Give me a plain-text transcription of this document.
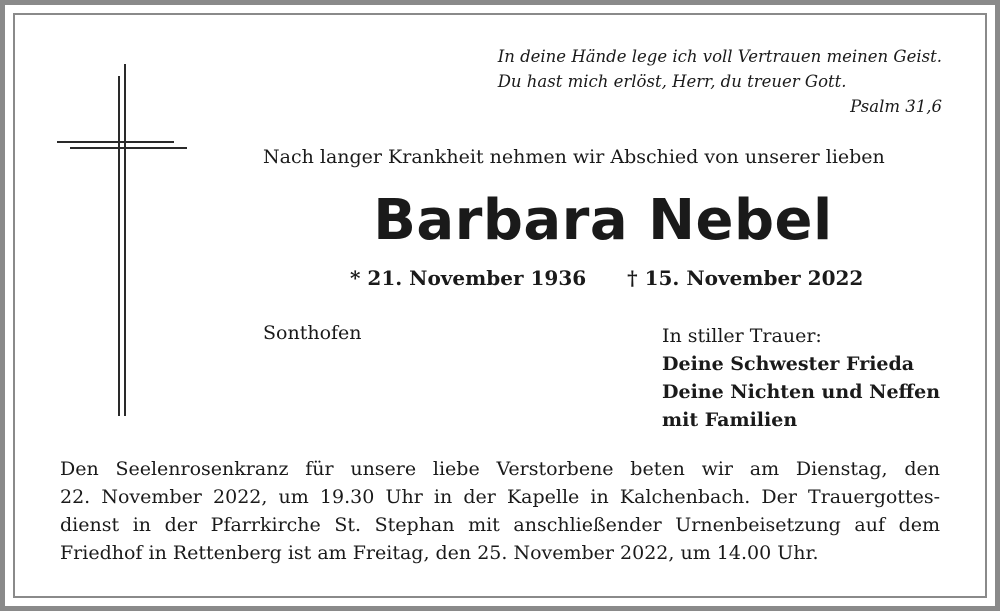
In deine Hände lege ich voll Vertrauen meinen Geist.
Du hast mich erlöst, Herr, du treuer Gott.
Psalm 31,6
Nach langer Krankheit nehmen wir Abschied von unserer lieben
Barbara Nebel
* 21. November 1936 † 15. November 2022
Sonthofen	In stiller Trauer:
Deine Schwester Frieda
Deine Nichten und Neffen
mit Familien
Den Seelenrosenkranz für unsere liebe Verstorbene beten wir am Dienstag, den
22. November 2022, um 19.30 Uhr in der Kapelle in Kalchenbach. Der Trauergottes-
dienst in der Pfarrkirche St. Stephan mit anschließender Urnenbeisetzung auf dem
Friedhof in Rettenberg ist am Freitag, den 25. November 2022, um 14.00 Uhr.
